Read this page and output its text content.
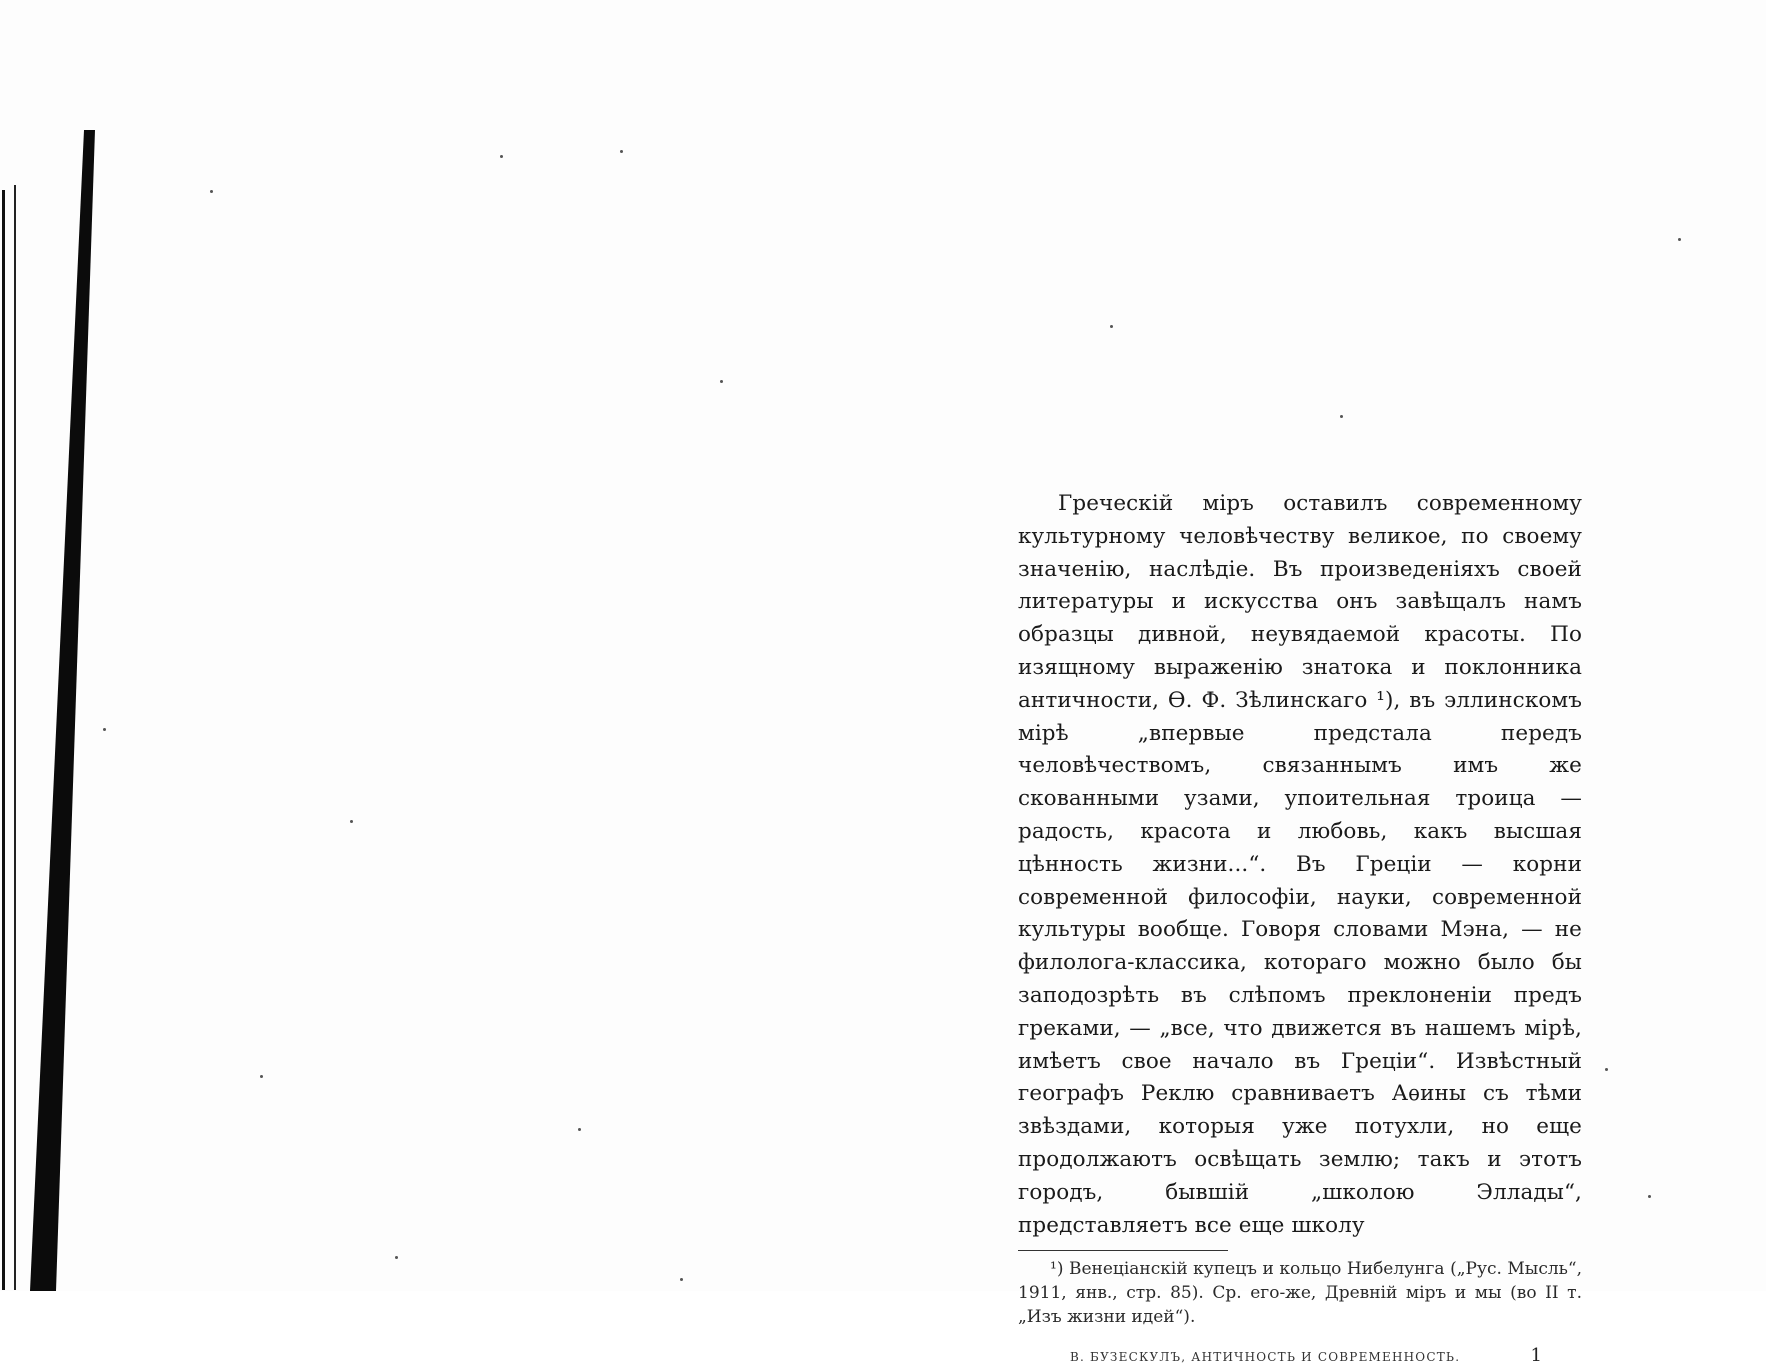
Греческій міръ оставилъ современному культурному человѣчеству великое, по своему значенію, наслѣдіе. Въ произведеніяхъ своей литературы и искусства онъ завѣщалъ намъ образцы дивной, неувядаемой красоты. По изящному выраженію знатока и поклонника античности, Ѳ. Ф. Зѣлинскаго ¹), въ эллинскомъ мірѣ „впервые предстала передъ человѣчествомъ, связаннымъ имъ же скованными узами, упоительная троица — радость, красота и любовь, какъ высшая цѣнность жизни...“. Въ Греціи — корни современной философіи, науки, современной культуры вообще. Говоря словами Мэна, — не филолога-классика, котораго можно было бы заподозрѣть въ слѣпомъ преклоненіи предъ греками, — „все, что движется въ нашемъ мірѣ, имѣетъ свое начало въ Греціи“. Извѣстный географъ Реклю сравниваетъ Аѳины съ тѣми звѣздами, которыя уже потухли, но еще продолжаютъ освѣщать землю; такъ и этотъ городъ, бывшій „школою Эллады“, представляетъ все еще школу

¹) Венеціанскій купецъ и кольцо Нибелунга („Рус. Мысль“, 1911, янв., стр. 85). Ср. его-же, Древній міръ и мы (во II т. „Изъ жизни идей“).

В. БУЗЕСКУЛЪ, АНТИЧНОСТЬ И СОВРЕМЕННОСТЬ.	1
